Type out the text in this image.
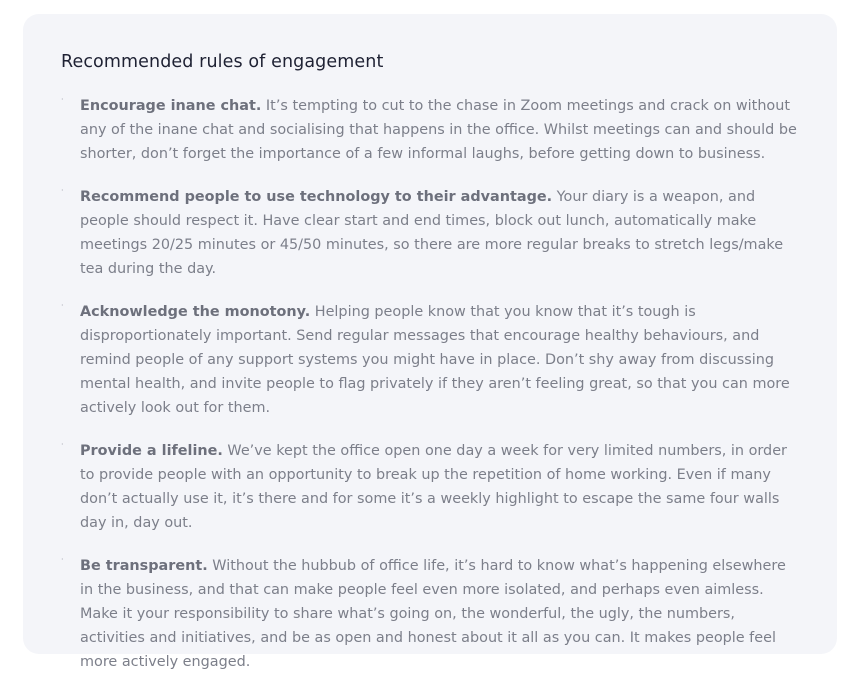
Recommended rules of engagement
· Encourage inane chat. It’s tempting to cut to the chase in Zoom meetings and crack on without any of the inane chat and socialising that happens in the office. Whilst meetings can and should be shorter, don’t forget the importance of a few informal laughs, before getting down to business.
· Recommend people to use technology to their advantage. Your diary is a weapon, and people should respect it. Have clear start and end times, block out lunch, automatically make meetings 20/25 minutes or 45/50 minutes, so there are more regular breaks to stretch legs/make tea during the day.
· Acknowledge the monotony. Helping people know that you know that it’s tough is disproportionately important. Send regular messages that encourage healthy behaviours, and remind people of any support systems you might have in place. Don’t shy away from discussing mental health, and invite people to flag privately if they aren’t feeling great, so that you can more actively look out for them.
· Provide a lifeline. We’ve kept the office open one day a week for very limited numbers, in order to provide people with an opportunity to break up the repetition of home working. Even if many don’t actually use it, it’s there and for some it’s a weekly highlight to escape the same four walls day in, day out.
· Be transparent. Without the hubbub of office life, it’s hard to know what’s happening elsewhere in the business, and that can make people feel even more isolated, and perhaps even aimless. Make it your responsibility to share what’s going on, the wonderful, the ugly, the numbers, activities and initiatives, and be as open and honest about it all as you can. It makes people feel more actively engaged.
